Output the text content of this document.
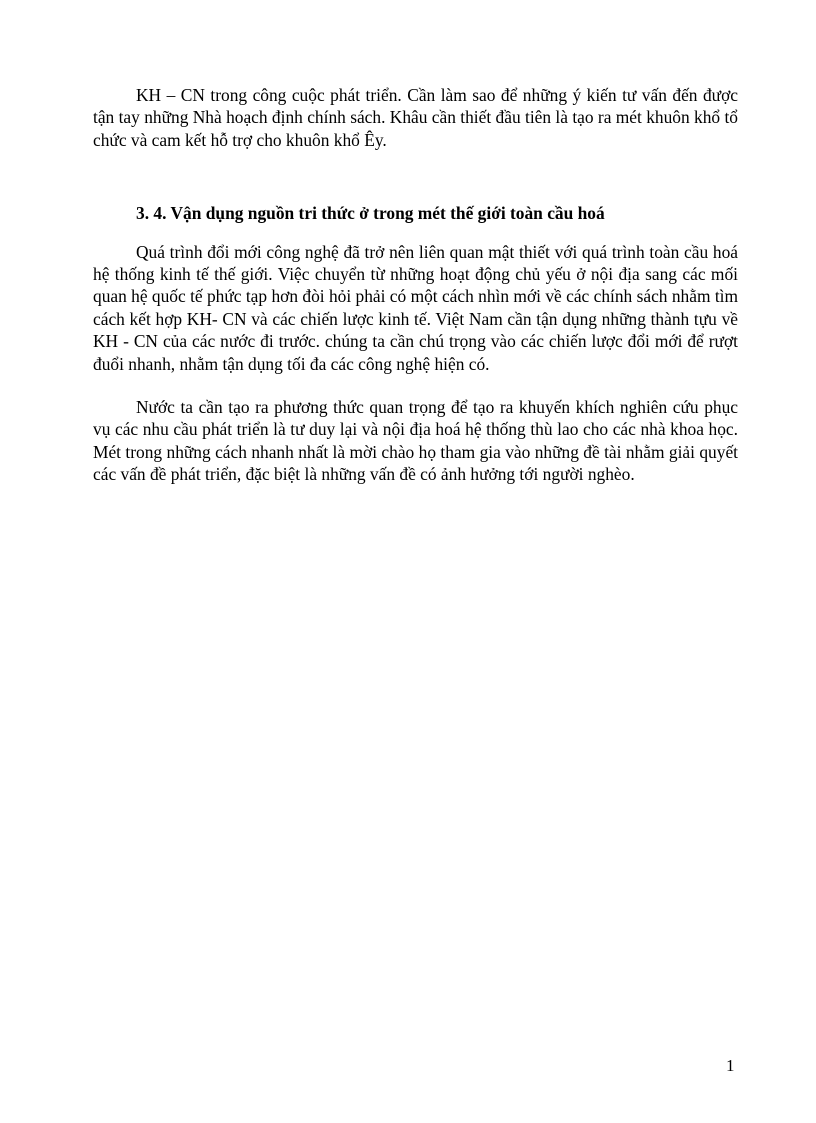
KH – CN trong công cuộc phát triển. Cần làm sao để những ý kiến tư vấn đến được tận tay những Nhà hoạch định chính sách. Khâu cần thiết đầu tiên là tạo ra mét khuôn khổ tổ chức và cam kết hỗ trợ cho khuôn khổ Êy.

3. 4. Vận dụng nguồn tri thức ở trong mét thế giới toàn cầu hoá

Quá trình đổi mới công nghệ đã trở nên liên quan mật thiết với quá trình toàn cầu hoá hệ thống kinh tế thế giới. Việc chuyển từ những hoạt động chủ yếu ở nội địa sang các mối quan hệ quốc tế phức tạp hơn đòi hỏi phải có một cách nhìn mới về các chính sách nhằm tìm cách kết hợp KH- CN và các chiến lược kinh tế. Việt Nam cần tận dụng những thành tựu về KH - CN của các nước đi trước. chúng ta cần chú trọng vào các chiến lược đổi mới để rượt đuổi nhanh, nhằm tận dụng tối đa các công nghệ hiện có.

Nước ta cần tạo ra phương thức quan trọng để tạo ra khuyến khích nghiên cứu phục vụ các nhu cầu phát triển là tư duy lại và nội địa hoá hệ thống thù lao cho các nhà khoa học. Mét trong những cách nhanh nhất là mời chào họ tham gia vào những đề tài nhằm giải quyết các vấn đề phát triển, đặc biệt là những vấn đề có ảnh hưởng tới người nghèo.

1
